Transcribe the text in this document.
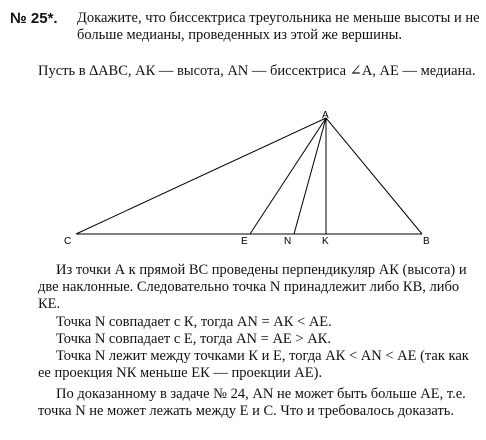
№ 25*. Докажите, что биссектриса треугольника не меньше высоты и не больше медианы, проведенных из этой же вершины.

Пусть в ∆АВС, АК — высота, АN — биссектриса ∠А, АЕ — медиана.

A
C	E	N	K	B

Из точки А к прямой ВС проведены перпендикуляр АК (высота) и две наклонные. Следовательно точка N принадлежит либо КВ, либо КЕ.

Точка N совпадает с К, тогда АN = АК < АЕ.

Точка N совпадает с Е, тогда АN = АЕ > АК.

Точка N лежит между точками К и Е, тогда АК < АN < АЕ (так как ее проекция NК меньше ЕК — проекции АЕ).

По доказанному в задаче № 24, АN не может быть больше АЕ, т.е. точка N не может лежать между Е и С. Что и требовалось доказать.
